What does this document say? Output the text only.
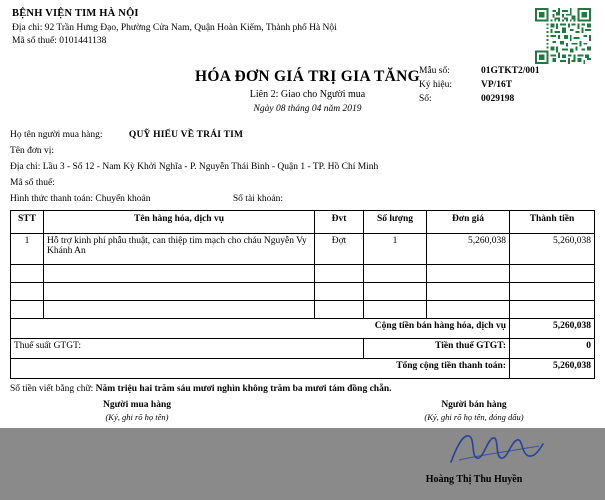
BỆNH VIỆN TIM HÀ NỘI
Địa chỉ: 92 Trần Hưng Đạo, Phường Cửa Nam, Quận Hoàn Kiếm, Thành phố Hà Nội
Mã số thuế: 0101441138
HÓA ĐƠN GIÁ TRỊ GIA TĂNG
Liên 2: Giao cho Người mua
Ngày 08 tháng 04 năm 2019
Mẫu số:	01GTKT2/001
Ký hiệu:	VP/16T
Số:	0029198
Họ tên người mua hàng:	QUỸ HIỂU VỀ TRÁI TIM
Tên đơn vị:
Địa chỉ: Lầu 3 - Số 12 - Nam Kỳ Khởi Nghĩa - P. Nguyễn Thái Bình - Quận 1 - TP. Hồ Chí Minh
Mã số thuế:
Hình thức thanh toán: Chuyển khoản	Số tài khoản:
STT	Tên hàng hóa, dịch vụ	Đvt	Số lượng	Đơn giá	Thành tiền
1	Hỗ trợ kinh phí phẫu thuật, can thiệp tim mạch cho cháu Nguyễn Vy Khánh An	Đợt	1	5,260,038	5,260,038

Cộng tiền bán hàng hóa, dịch vụ					5,260,038
Thuế suất GTGT:			Tiền thuế GTGT:		0
Tổng cộng tiền thanh toán:					5,260,038
Số tiền viết bằng chữ: Năm triệu hai trăm sáu mươi nghìn không trăm ba mươi tám đồng chẵn.
Người mua hàng
(Ký, ghi rõ họ tên)
Người bán hàng
(Ký, ghi rõ họ tên, đóng dấu)
Hoàng Thị Thu Huyền
